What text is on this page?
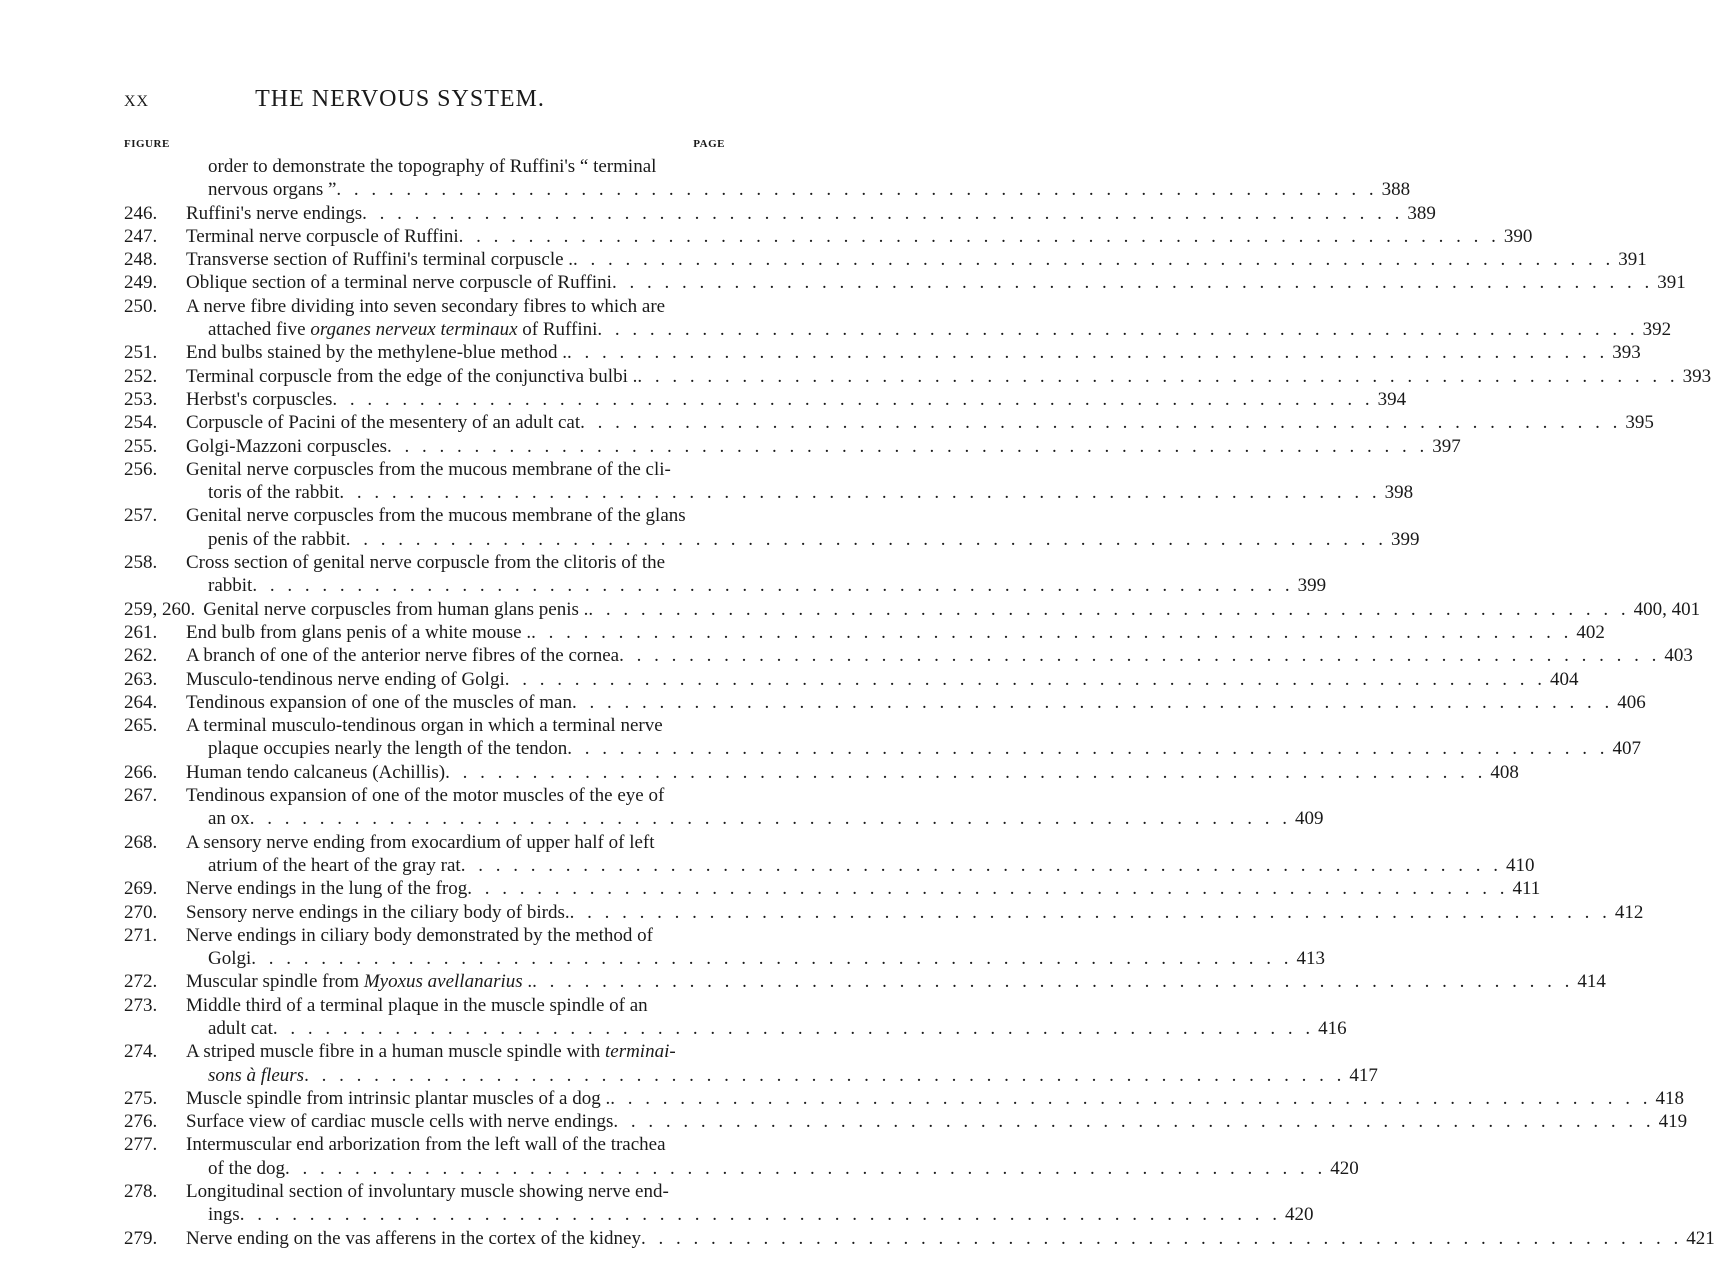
XX	THE NERVOUS SYSTEM.
FIGURE	PAGE
order to demonstrate the topography of Ruffini's “ terminal
nervous organs ” . . . . . . . . . . . . . . . . . . . . . . . . . . . . . . . . . . . . . . . . . . . . . . . . . . . . . . . . . . . . 388
246.	Ruffini's nerve endings . . . . . . . . . . . . . . . . . . . . . . . . . . . . . . . . . . . . . . . . . . . . . . . . . . . . . . . . . . . . 389
247.	Terminal nerve corpuscle of Ruffini . . . . . . . . . . . . . . . . . . . . . . . . . . . . . . . . . . . . . . . . . . . . . . . . . . . . . . . . . . . . 390
248.	Transverse section of Ruffini's terminal corpuscle . . . . . . . . . . . . . . . . . . . . . . . . . . . . . . . . . . . . . . . . . . . . . . . . . . . . . . . . . . . . . 391
249.	Oblique section of a terminal nerve corpuscle of Ruffini . . . . . . . . . . . . . . . . . . . . . . . . . . . . . . . . . . . . . . . . . . . . . . . . . . . . . . . . . . . . 391
250.	A nerve fibre dividing into seven secondary fibres to which are
attached five organes nerveux terminaux of Ruffini . . . . . . . . . . . . . . . . . . . . . . . . . . . . . . . . . . . . . . . . . . . . . . . . . . . . . . . . . . . . 392
251.	End bulbs stained by the methylene-blue method . . . . . . . . . . . . . . . . . . . . . . . . . . . . . . . . . . . . . . . . . . . . . . . . . . . . . . . . . . . . . 393
252.	Terminal corpuscle from the edge of the conjunctiva bulbi . . . . . . . . . . . . . . . . . . . . . . . . . . . . . . . . . . . . . . . . . . . . . . . . . . . . . . . . . . . . . 393
253.	Herbst's corpuscles . . . . . . . . . . . . . . . . . . . . . . . . . . . . . . . . . . . . . . . . . . . . . . . . . . . . . . . . . . . . 394
254.	Corpuscle of Pacini of the mesentery of an adult cat . . . . . . . . . . . . . . . . . . . . . . . . . . . . . . . . . . . . . . . . . . . . . . . . . . . . . . . . . . . . 395
255.	Golgi-Mazzoni corpuscles . . . . . . . . . . . . . . . . . . . . . . . . . . . . . . . . . . . . . . . . . . . . . . . . . . . . . . . . . . . . 397
256.	Genital nerve corpuscles from the mucous membrane of the cli-
toris of the rabbit . . . . . . . . . . . . . . . . . . . . . . . . . . . . . . . . . . . . . . . . . . . . . . . . . . . . . . . . . . . . 398
257.	Genital nerve corpuscles from the mucous membrane of the glans
penis of the rabbit . . . . . . . . . . . . . . . . . . . . . . . . . . . . . . . . . . . . . . . . . . . . . . . . . . . . . . . . . . . . 399
258.	Cross section of genital nerve corpuscle from the clitoris of the
rabbit . . . . . . . . . . . . . . . . . . . . . . . . . . . . . . . . . . . . . . . . . . . . . . . . . . . . . . . . . . . . 399
259, 260. Genital nerve corpuscles from human glans penis . . . . . . . . . . . . . . . . . . . . . . . . . . . . . . . . . . . . . . . . . . . . . . . . . . . . . . . . . . . . . 400, 401
261.	End bulb from glans penis of a white mouse . . . . . . . . . . . . . . . . . . . . . . . . . . . . . . . . . . . . . . . . . . . . . . . . . . . . . . . . . . . . . 402
262.	A branch of one of the anterior nerve fibres of the cornea . . . . . . . . . . . . . . . . . . . . . . . . . . . . . . . . . . . . . . . . . . . . . . . . . . . . . . . . . . . . 403
263.	Musculo-tendinous nerve ending of Golgi . . . . . . . . . . . . . . . . . . . . . . . . . . . . . . . . . . . . . . . . . . . . . . . . . . . . . . . . . . . . 404
264.	Tendinous expansion of one of the muscles of man . . . . . . . . . . . . . . . . . . . . . . . . . . . . . . . . . . . . . . . . . . . . . . . . . . . . . . . . . . . . 406
265.	A terminal musculo-tendinous organ in which a terminal nerve
plaque occupies nearly the length of the tendon . . . . . . . . . . . . . . . . . . . . . . . . . . . . . . . . . . . . . . . . . . . . . . . . . . . . . . . . . . . . 407
266.	Human tendo calcaneus (Achillis) . . . . . . . . . . . . . . . . . . . . . . . . . . . . . . . . . . . . . . . . . . . . . . . . . . . . . . . . . . . . 408
267.	Tendinous expansion of one of the motor muscles of the eye of
an ox . . . . . . . . . . . . . . . . . . . . . . . . . . . . . . . . . . . . . . . . . . . . . . . . . . . . . . . . . . . . 409
268.	A sensory nerve ending from exocardium of upper half of left
atrium of the heart of the gray rat . . . . . . . . . . . . . . . . . . . . . . . . . . . . . . . . . . . . . . . . . . . . . . . . . . . . . . . . . . . . 410
269.	Nerve endings in the lung of the frog . . . . . . . . . . . . . . . . . . . . . . . . . . . . . . . . . . . . . . . . . . . . . . . . . . . . . . . . . . . . 411
270.	Sensory nerve endings in the ciliary body of birds. . . . . . . . . . . . . . . . . . . . . . . . . . . . . . . . . . . . . . . . . . . . . . . . . . . . . . . . . . . . . 412
271.	Nerve endings in ciliary body demonstrated by the method of
Golgi . . . . . . . . . . . . . . . . . . . . . . . . . . . . . . . . . . . . . . . . . . . . . . . . . . . . . . . . . . . . 413
272.	Muscular spindle from Myoxus avellanarius . . . . . . . . . . . . . . . . . . . . . . . . . . . . . . . . . . . . . . . . . . . . . . . . . . . . . . . . . . . . . 414
273.	Middle third of a terminal plaque in the muscle spindle of an
adult cat . . . . . . . . . . . . . . . . . . . . . . . . . . . . . . . . . . . . . . . . . . . . . . . . . . . . . . . . . . . . 416
274.	A striped muscle fibre in a human muscle spindle with terminai-
sons à fleurs . . . . . . . . . . . . . . . . . . . . . . . . . . . . . . . . . . . . . . . . . . . . . . . . . . . . . . . . . . . . 417
275.	Muscle spindle from intrinsic plantar muscles of a dog . . . . . . . . . . . . . . . . . . . . . . . . . . . . . . . . . . . . . . . . . . . . . . . . . . . . . . . . . . . . . 418
276.	Surface view of cardiac muscle cells with nerve endings . . . . . . . . . . . . . . . . . . . . . . . . . . . . . . . . . . . . . . . . . . . . . . . . . . . . . . . . . . . . 419
277.	Intermuscular end arborization from the left wall of the trachea
of the dog . . . . . . . . . . . . . . . . . . . . . . . . . . . . . . . . . . . . . . . . . . . . . . . . . . . . . . . . . . . . 420
278.	Longitudinal section of involuntary muscle showing nerve end-
ings . . . . . . . . . . . . . . . . . . . . . . . . . . . . . . . . . . . . . . . . . . . . . . . . . . . . . . . . . . . . 420
279.	Nerve ending on the vas afferens in the cortex of the kidney . . . . . . . . . . . . . . . . . . . . . . . . . . . . . . . . . . . . . . . . . . . . . . . . . . . . . . . . . . . . 421
